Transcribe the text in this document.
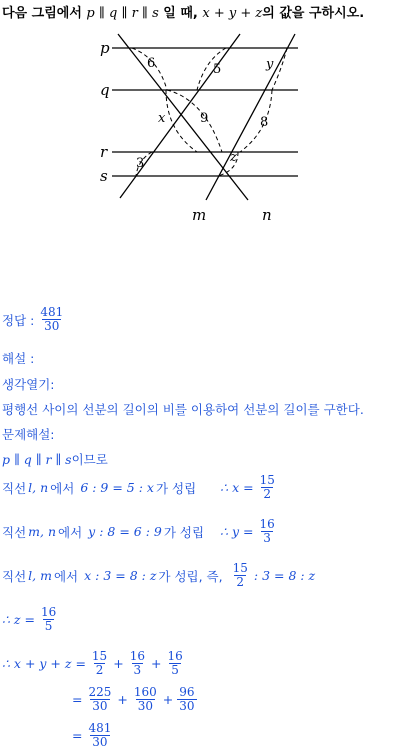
다음 그림에서 p ∥ q ∥ r ∥ s 일 때, x + y + z의 값을 구하시오.
p
q
r
s
m	n
6	5	y
x	9	8
3	z
정답 : $\frac{481}{30}$
해설 :
생각열기:
평행선 사이의 선분의 길이의 비를 이용하여 선분의 길이를 구한다.
문제해설:
p ∥ q ∥ r ∥ s이므로
직선 l, n 에서 6 : 9 = 5 : x 가 성립 ∴ $x = \frac{15}{2}$
직선 m, n 에서 y : 8 = 6 : 9 가 성립 ∴ $y = \frac{16}{3}$
직선 l, m 에서 x : 3 = 8 : z 가 성립, 즉, $\frac{15}{2}$ : 3 = 8 : z
∴ $z = \frac{16}{5}$
∴ $x + y + z = \frac{15}{2} + \frac{16}{3} + \frac{16}{5}$
= $\frac{225}{30} + \frac{160}{30} + \frac{96}{30}$
= $\frac{481}{30}$
